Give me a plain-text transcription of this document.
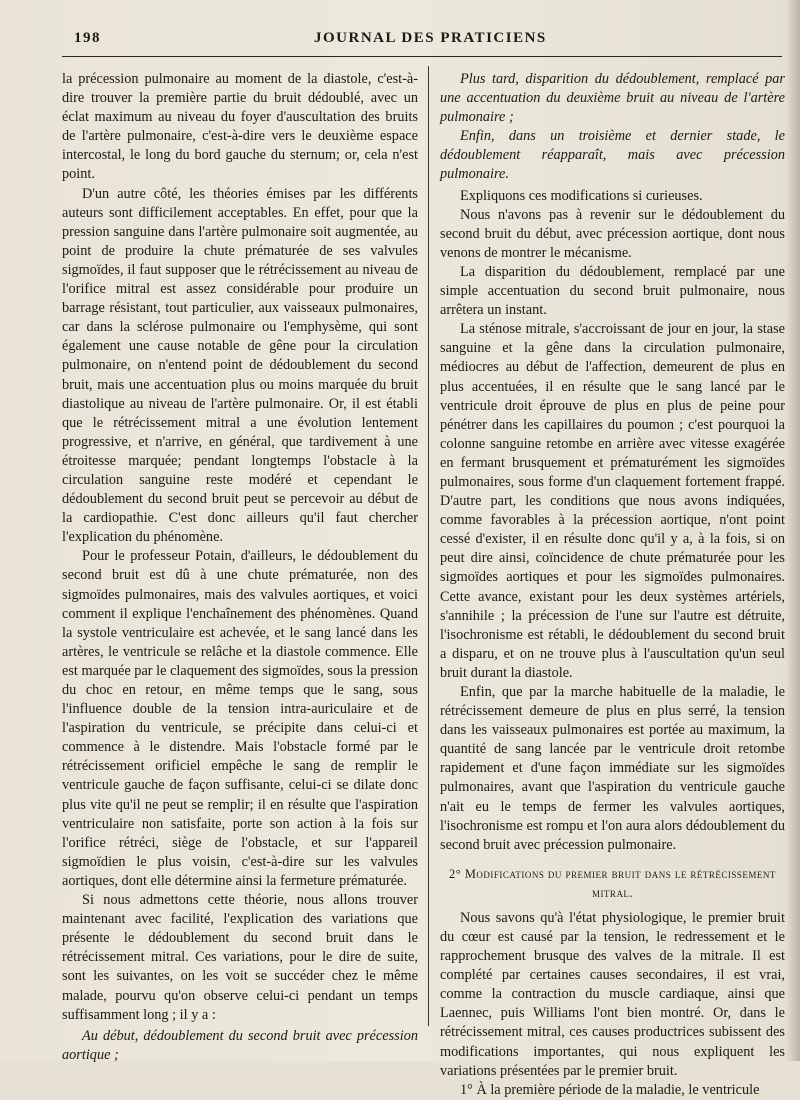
198	JOURNAL DES PRATICIENS

la précession pulmonaire au moment de la diastole, c'est-à-dire trouver la première partie du bruit dédoublé, avec un éclat maximum au niveau du foyer d'auscultation des bruits de l'artère pulmonaire, c'est-à-dire vers le deuxième espace intercostal, le long du bord gauche du sternum; or, cela n'est point.

D'un autre côté, les théories émises par les différents auteurs sont difficilement acceptables. En effet, pour que la pression sanguine dans l'artère pulmonaire soit augmentée, au point de produire la chute prématurée de ses valvules sigmoïdes, il faut supposer que le rétrécissement au niveau de l'orifice mitral est assez considérable pour produire un barrage résistant, tout particulier, aux vaisseaux pulmonaires, car dans la sclérose pulmonaire ou l'emphysème, qui sont également une cause notable de gêne pour la circulation pulmonaire, on n'entend point de dédoublement du second bruit, mais une accentuation plus ou moins marquée du bruit diastolique au niveau de l'artère pulmonaire. Or, il est établi que le rétrécissement mitral a une évolution lentement progressive, et n'arrive, en général, que tardivement à une étroitesse marquée; pendant longtemps l'obstacle à la circulation sanguine reste modéré et cependant le dédoublement du second bruit peut se percevoir au début de la cardiopathie. C'est donc ailleurs qu'il faut chercher l'explication du phénomène.

Pour le professeur Potain, d'ailleurs, le dédoublement du second bruit est dû à une chute prématurée, non des sigmoïdes pulmonaires, mais des valvules aortiques, et voici comment il explique l'enchaînement des phénomènes. Quand la systole ventriculaire est achevée, et le sang lancé dans les artères, le ventricule se relâche et la diastole commence. Elle est marquée par le claquement des sigmoïdes, sous la pression du choc en retour, en même temps que le sang, sous l'influence double de la tension intra-auriculaire et de l'aspiration du ventricule, se précipite dans celui-ci et commence à le distendre. Mais l'obstacle formé par le rétrécissement orificiel empêche le sang de remplir le ventricule gauche de façon suffisante, celui-ci se dilate donc plus vite qu'il ne peut se remplir; il en résulte que l'aspiration ventriculaire non satisfaite, porte son action à la fois sur l'orifice rétréci, siège de l'obstacle, et sur l'appareil sigmoïdien le plus voisin, c'est-à-dire sur les valvules aortiques, dont elle détermine ainsi la fermeture prématurée.

Si nous admettons cette théorie, nous allons trouver maintenant avec facilité, l'explication des variations que présente le dédoublement du second bruit dans le rétrécissement mitral. Ces variations, pour le dire de suite, sont les suivantes, on les voit se succéder chez le même malade, pourvu qu'on observe celui-ci pendant un temps suffisamment long ; il y a :

Au début, dédoublement du second bruit avec précession aortique ;

Plus tard, disparition du dédoublement, remplacé par une accentuation du deuxième bruit au niveau de l'artère pulmonaire ;

Enfin, dans un troisième et dernier stade, le dédoublement réapparaît, mais avec précession pulmonaire.

Expliquons ces modifications si curieuses.

Nous n'avons pas à revenir sur le dédoublement du second bruit du début, avec précession aortique, dont nous venons de montrer le mécanisme.

La disparition du dédoublement, remplacé par une simple accentuation du second bruit pulmonaire, nous arrêtera un instant.

La sténose mitrale, s'accroissant de jour en jour, la stase sanguine et la gêne dans la circulation pulmonaire, médiocres au début de l'affection, demeurent de plus en plus accentuées, il en résulte que le sang lancé par le ventricule droit éprouve de plus en plus de peine pour pénétrer dans les capillaires du poumon ; c'est pourquoi la colonne sanguine retombe en arrière avec vitesse exagérée en fermant brusquement et prématurément les sigmoïdes pulmonaires, sous forme d'un claquement fortement frappé. D'autre part, les conditions que nous avons indiquées, comme favorables à la précession aortique, n'ont point cessé d'exister, il en résulte donc qu'il y a, à la fois, si on peut dire ainsi, coïncidence de chute prématurée pour les sigmoïdes aortiques et pour les sigmoïdes pulmonaires. Cette avance, existant pour les deux systèmes artériels, s'annihile ; la précession de l'une sur l'autre est détruite, l'isochronisme est rétabli, le dédoublement du second bruit a disparu, et on ne trouve plus à l'auscultation qu'un seul bruit durant la diastole.

Enfin, que par la marche habituelle de la maladie, le rétrécissement demeure de plus en plus serré, la tension dans les vaisseaux pulmonaires est portée au maximum, la quantité de sang lancée par le ventricule droit retombe rapidement et d'une façon immédiate sur les sigmoïdes pulmonaires, avant que l'aspiration du ventricule gauche n'ait eu le temps de fermer les valvules aortiques, l'isochronisme est rompu et l'on aura alors dédoublement du second bruit avec précession pulmonaire.

2° Modifications du premier bruit dans le rétrécissement mitral.

Nous savons qu'à l'état physiologique, le premier bruit du cœur est causé par la tension, le redressement et le rapprochement brusque des valves de la mitrale. Il est complété par certaines causes secondaires, il est vrai, comme la contraction du muscle cardiaque, ainsi que Laennec, puis Williams l'ont bien montré. Or, dans le rétrécissement mitral, ces causes productrices subissent des modifications importantes, qui nous expliquent les variations présentées par le premier bruit.

1° À la première période de la maladie, le ventricule
